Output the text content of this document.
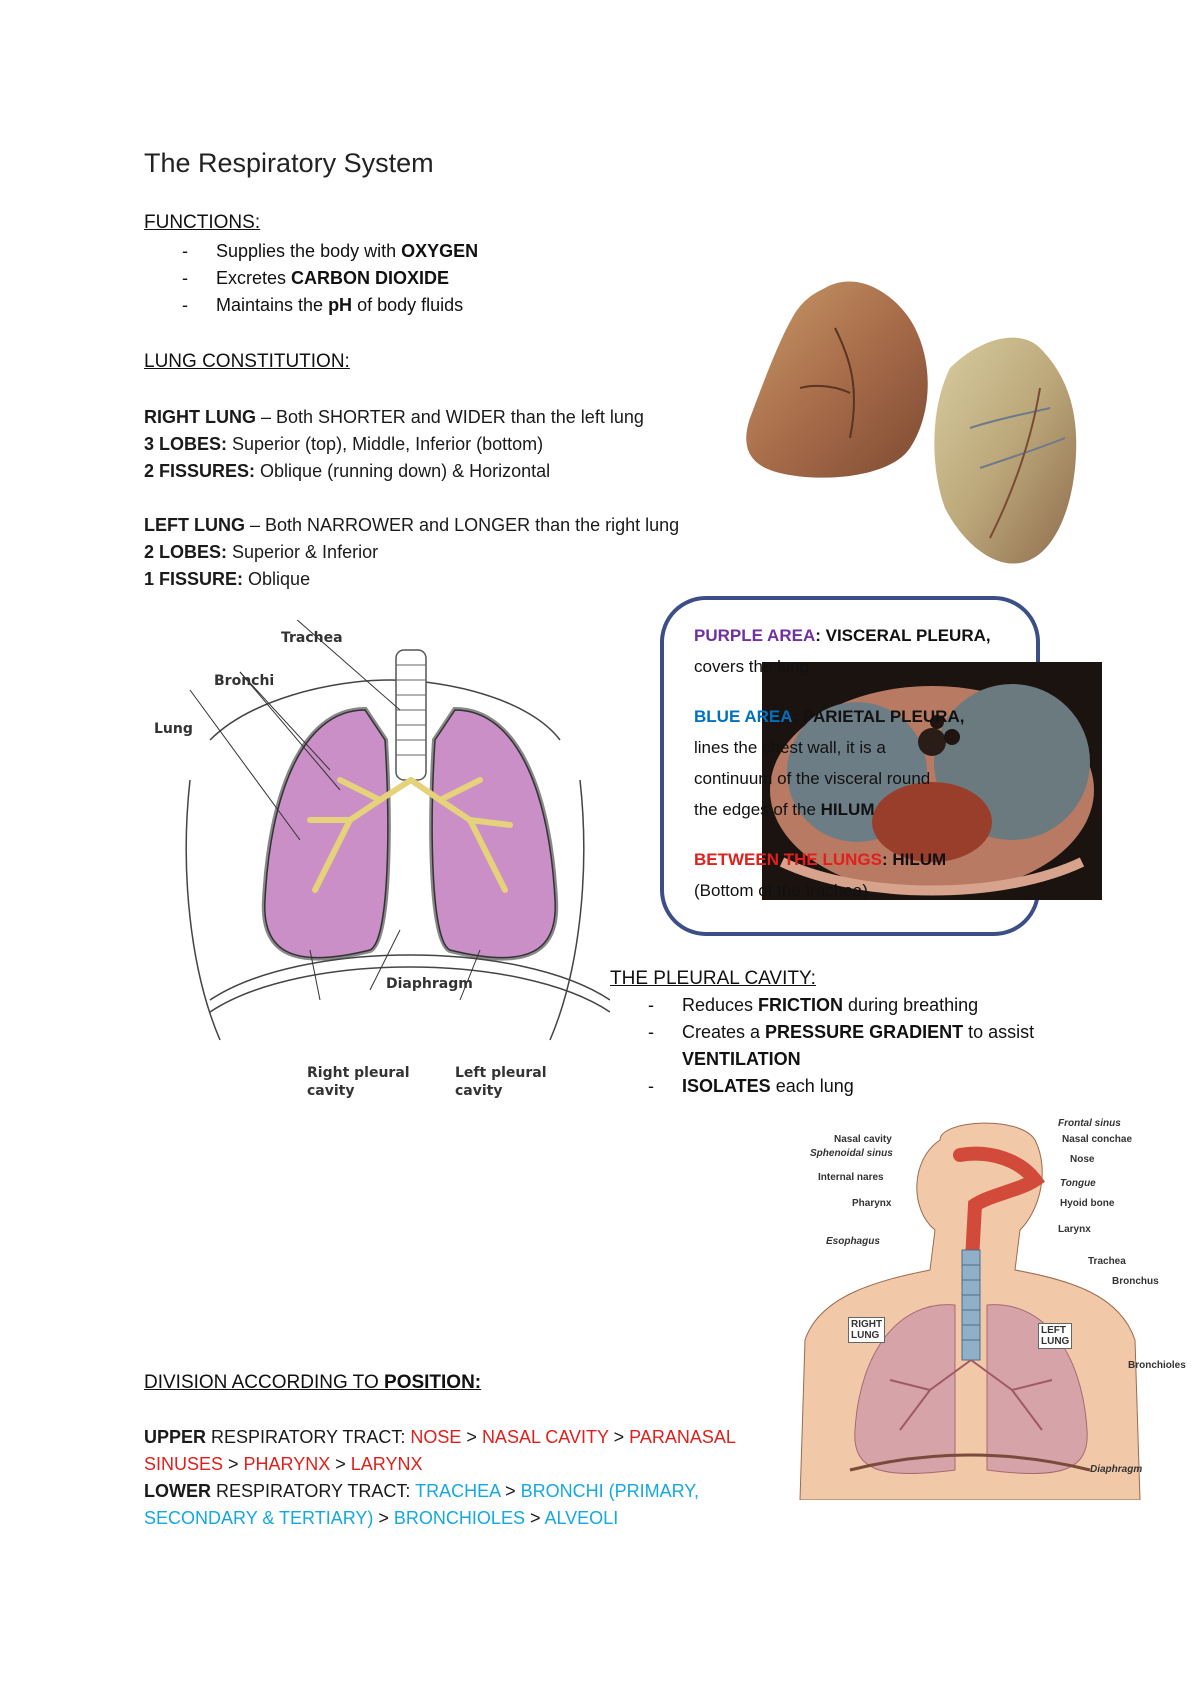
The Respiratory System
FUNCTIONS:
- Supplies the body with OXYGEN
- Excretes CARBON DIOXIDE
- Maintains the pH of body fluids
LUNG CONSTITUTION:
RIGHT LUNG – Both SHORTER and WIDER than the left lung
3 LOBES: Superior (top), Middle, Inferior (bottom)
2 FISSURES: Oblique (running down) & Horizontal
LEFT LUNG – Both NARROWER and LONGER than the right lung
2 LOBES: Superior & Inferior
1 FISSURE: Oblique
Trachea
Bronchi
Lung
Diaphragm
Right pleural
cavity
Left pleural
cavity
PURPLE AREA: VISCERAL PLEURA,
covers the lung
BLUE AREA: PARIETAL PLEURA,
lines the chest wall, it is a
continuum of the visceral round
the edges of the HILUM
BETWEEN THE LUNGS: HILUM
(Bottom of the trachea)
THE PLEURAL CAVITY:
- Reduces FRICTION during breathing
- Creates a PRESSURE GRADIENT to assist
VENTILATION
- ISOLATES each lung
Nasal cavity
Sphenoidal sinus
Internal nares
Pharynx
Esophagus
Frontal sinus
Nasal conchae
Nose
Tongue
Hyoid bone
Larynx
Trachea
Bronchus
RIGHT
LUNG	LEFT
LUNG
Bronchioles
Diaphragm
DIVISION ACCORDING TO POSITION:
UPPER RESPIRATORY TRACT: NOSE > NASAL CAVITY > PARANASAL
SINUSES > PHARYNX > LARYNX
LOWER RESPIRATORY TRACT: TRACHEA > BRONCHI (PRIMARY,
SECONDARY & TERTIARY) > BRONCHIOLES > ALVEOLI
